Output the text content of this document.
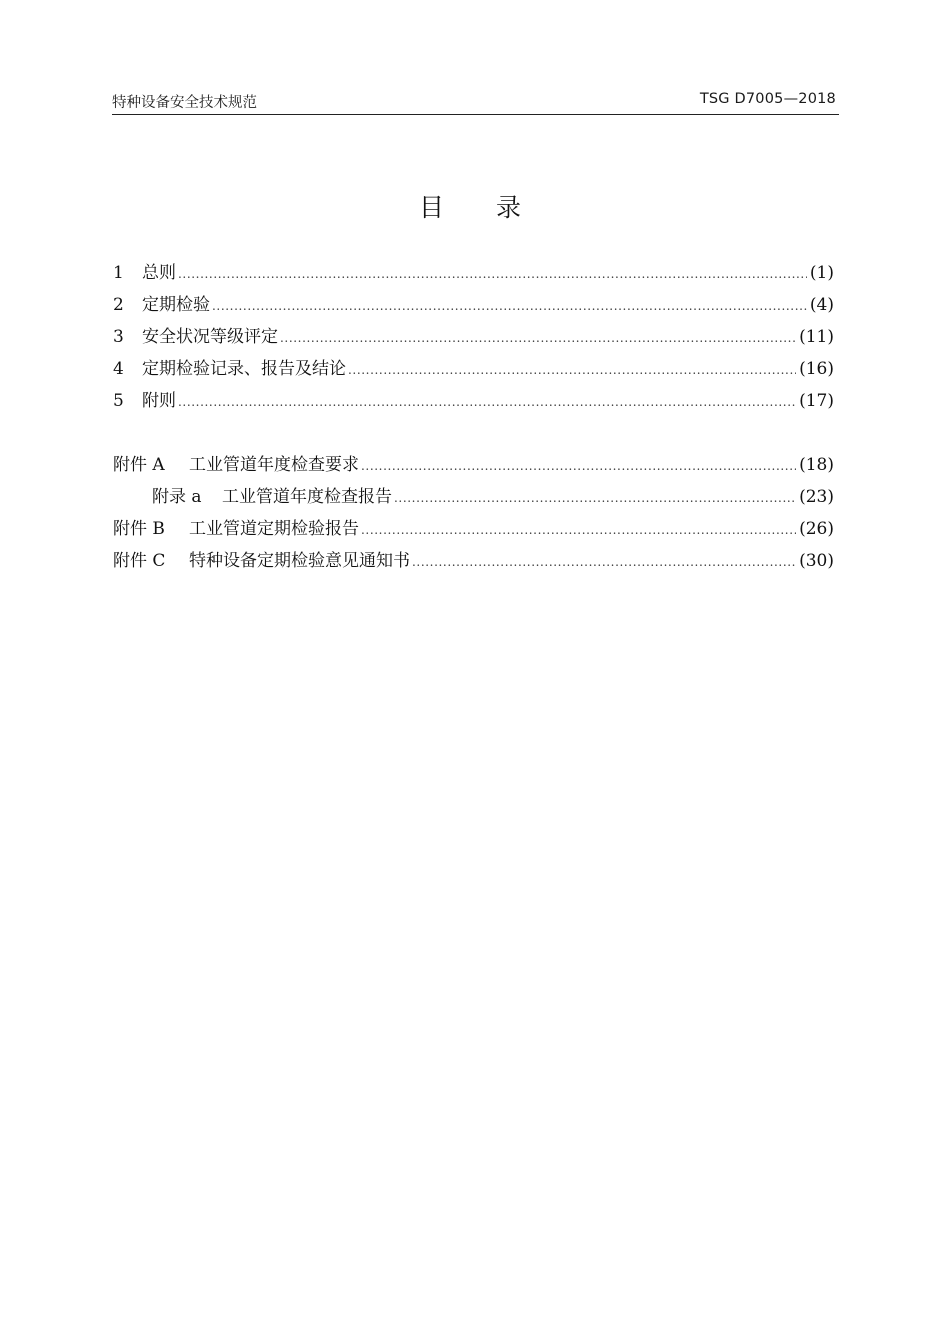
特种设备安全技术规范	TSG D7005—2018
目录
1	总则 .....	(1)
2	定期检验 .....	(4)
3	安全状况等级评定 .....	(11)
4	定期检验记录、报告及结论 .....	(16)
5	附则 .....	(17)
附件 A	工业管道年度检查要求 .....	(18)
附录 a	工业管道年度检查报告 .....	(23)
附件 B	工业管道定期检验报告 .....	(26)
附件 C	特种设备定期检验意见通知书 .....	(30)
